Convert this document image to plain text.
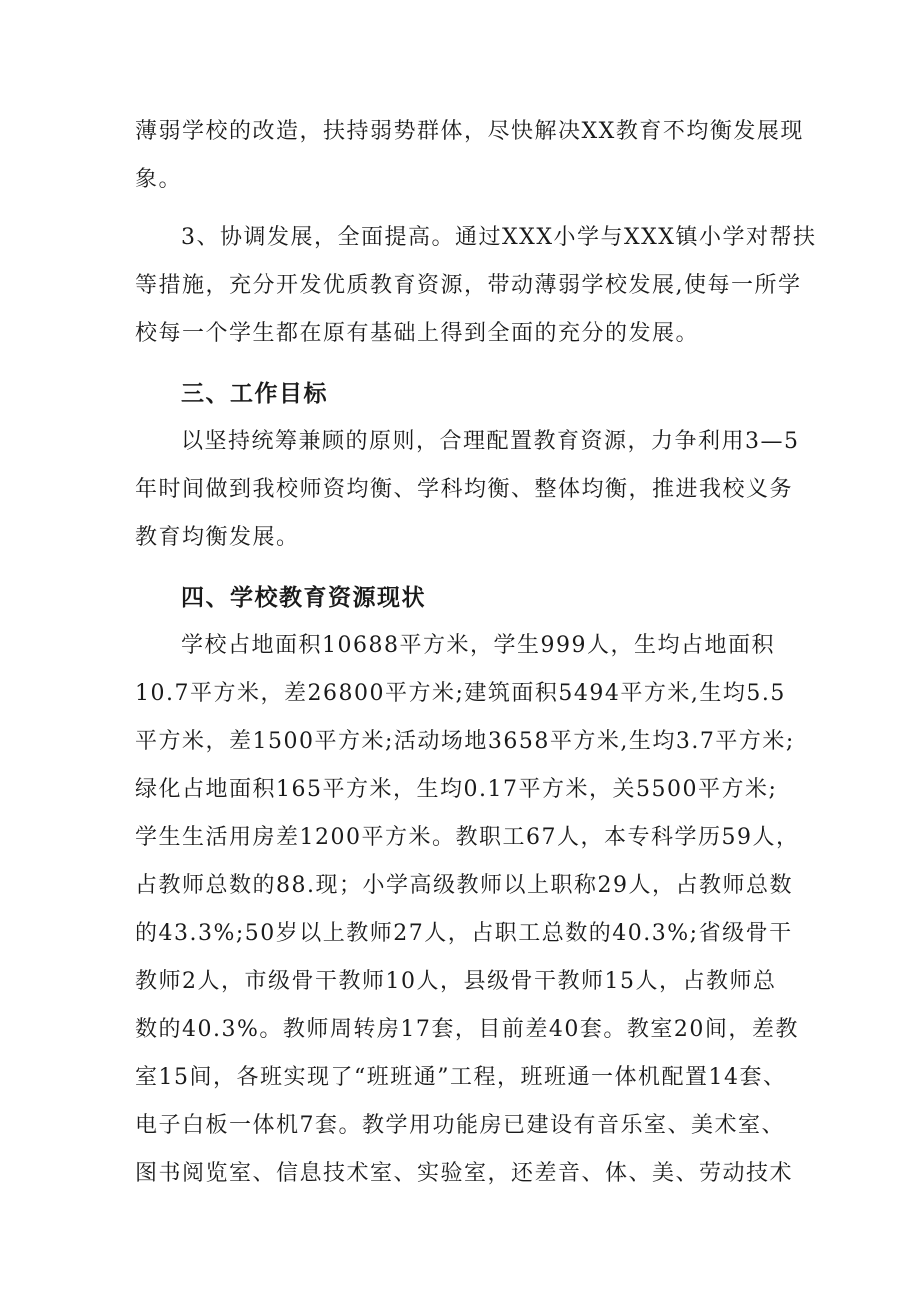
薄弱学校的改造，扶持弱势群体，尽快解决XX教育不均衡发展现
象。
3、协调发展，全面提高。通过XXX小学与XXX镇小学对帮扶
等措施，充分开发优质教育资源，带动薄弱学校发展,使每一所学
校每一个学生都在原有基础上得到全面的充分的发展。
三、工作目标
以坚持统筹兼顾的原则，合理配置教育资源，力争利用3—5
年时间做到我校师资均衡、学科均衡、整体均衡，推进我校义务
教育均衡发展。
四、学校教育资源现状
学校占地面积10688平方米，学生999人，生均占地面积
10.7平方米，差26800平方米;建筑面积5494平方米,生均5.5
平方米，差1500平方米;活动场地3658平方米,生均3.7平方米;
绿化占地面积165平方米，生均0.17平方米，关5500平方米;
学生生活用房差1200平方米。教职工67人，本专科学历59人，
占教师总数的88.现；小学高级教师以上职称29人，占教师总数
的43.3%;50岁以上教师27人，占职工总数的40.3%;省级骨干
教师2人，市级骨干教师10人，县级骨干教师15人，占教师总
数的40.3%。教师周转房17套，目前差40套。教室20间，差教
室15间，各班实现了“班班通”工程，班班通一体机配置14套、
电子白板一体机7套。教学用功能房已建设有音乐室、美术室、
图书阅览室、信息技术室、实验室，还差音、体、美、劳动技术
